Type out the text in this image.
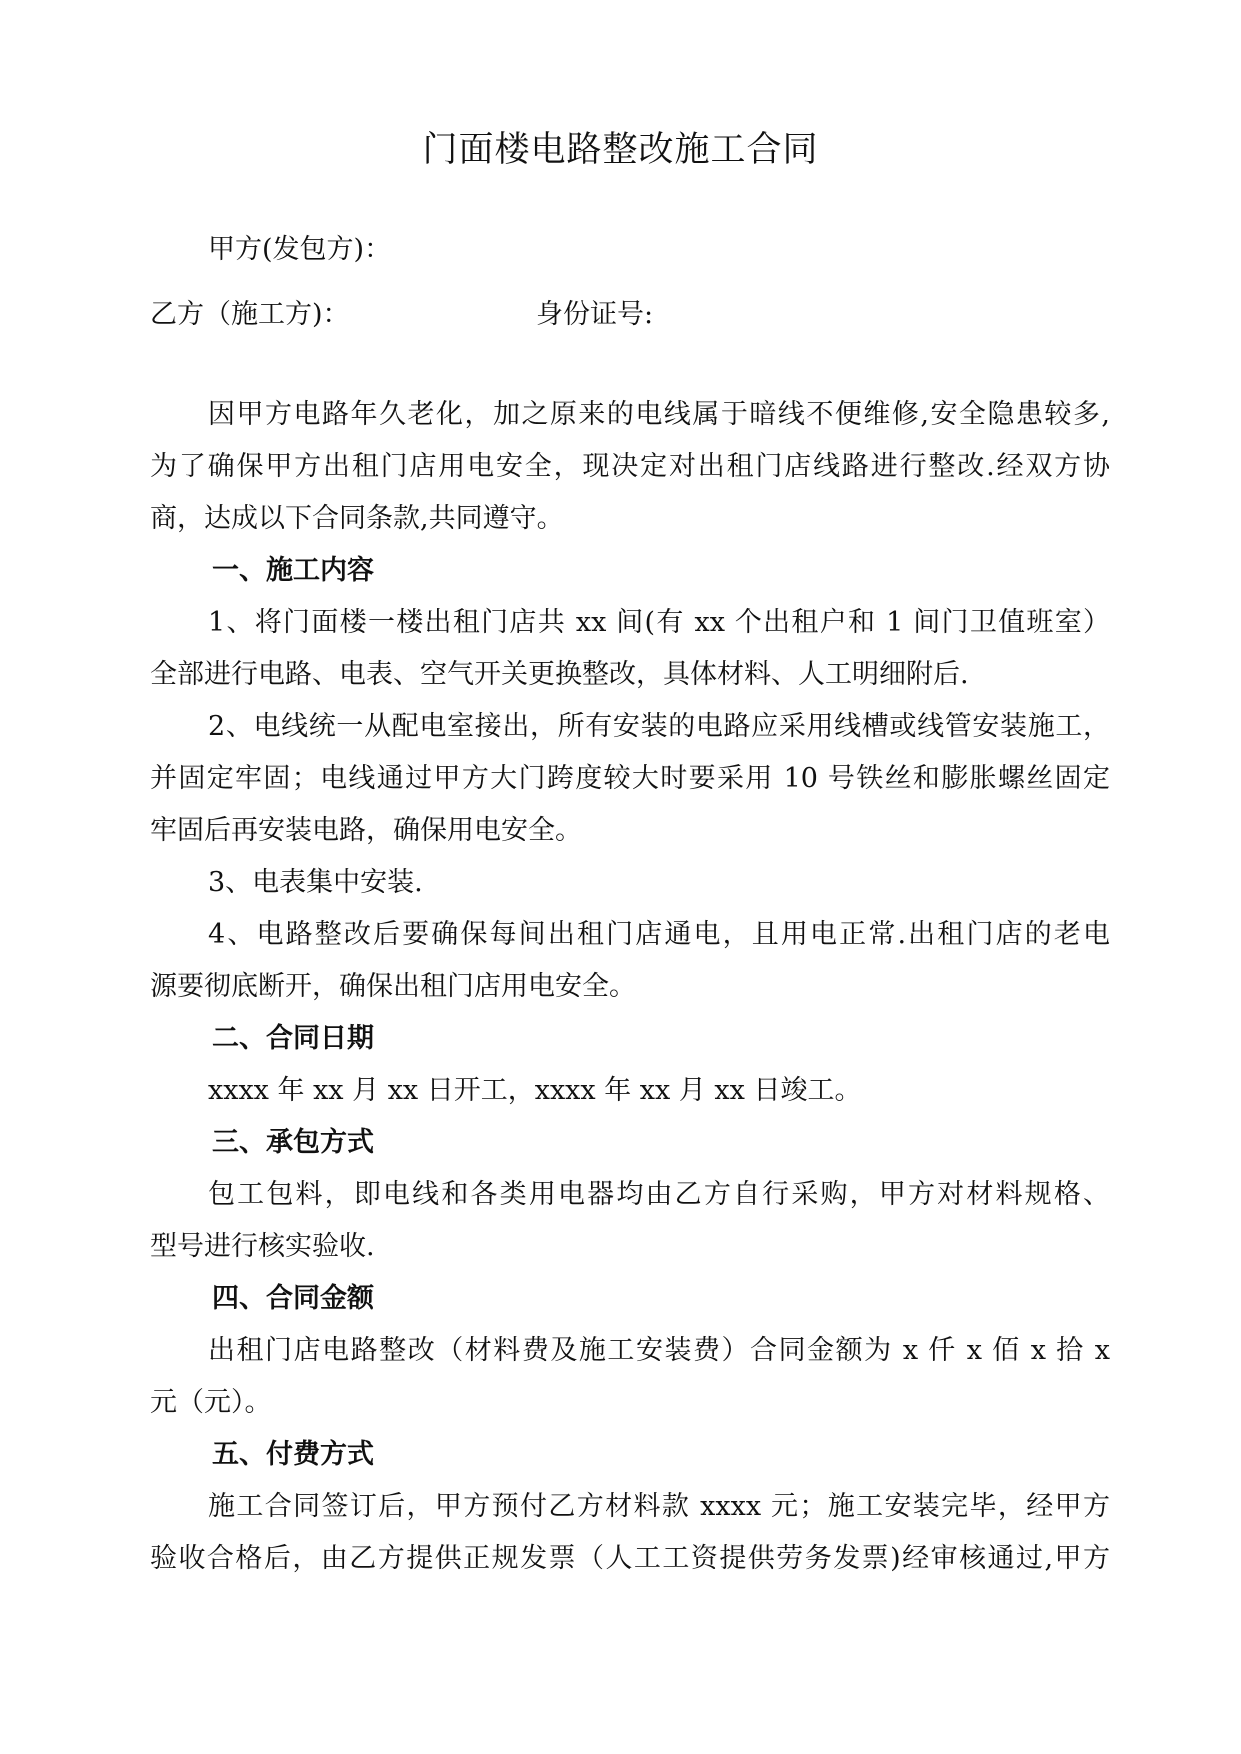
门面楼电路整改施工合同
甲方(发包方)：
乙方（施工方)：	身份证号:
因甲方电路年久老化，加之原来的电线属于暗线不便维修,安全隐患较多,
为了确保甲方出租门店用电安全，现决定对出租门店线路进行整改.经双方协
商，达成以下合同条款,共同遵守。
一、施工内容
1、将门面楼一楼出租门店共 xx 间(有 xx 个出租户和 1 间门卫值班室）
全部进行电路、电表、空气开关更换整改，具体材料、人工明细附后.
2、电线统一从配电室接出，所有安装的电路应采用线槽或线管安装施工，
并固定牢固；电线通过甲方大门跨度较大时要采用 10 号铁丝和膨胀螺丝固定
牢固后再安装电路，确保用电安全。
3、电表集中安装.
4、电路整改后要确保每间出租门店通电，且用电正常.出租门店的老电
源要彻底断开，确保出租门店用电安全。
二、合同日期
xxxx 年 xx 月 xx 日开工，xxxx 年 xx 月 xx 日竣工。
三、承包方式
包工包料，即电线和各类用电器均由乙方自行采购，甲方对材料规格、
型号进行核实验收.
四、合同金额
出租门店电路整改（材料费及施工安装费）合同金额为 x 仟 x 佰 x 拾 x
元（元）。
五、付费方式
施工合同签订后，甲方预付乙方材料款 xxxx 元；施工安装完毕，经甲方
验收合格后，由乙方提供正规发票（人工工资提供劳务发票)经审核通过,甲方
